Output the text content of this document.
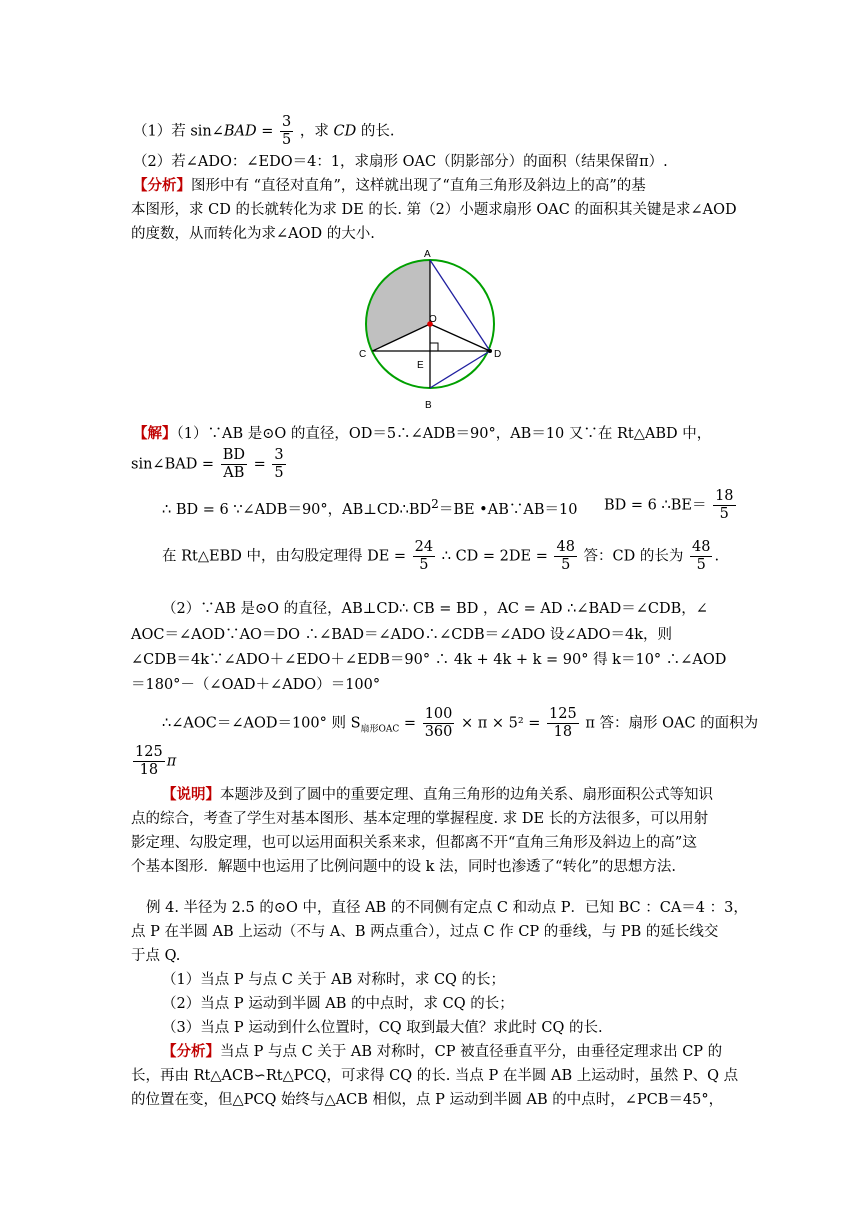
（1）若 sin∠BAD = $\frac{3}{5}$ ，求 CD 的长.
（2）若∠ADO：∠EDO＝4：1，求扇形 OAC（阴影部分）的面积（结果保留π）.
【分析】图形中有 “直径对直角”，这样就出现了“直角三角形及斜边上的高”的基
本图形，求 CD 的长就转化为求 DE 的长. 第（2）小题求扇形 OAC 的面积其关键是求∠AOD
的度数，从而转化为求∠AOD 的大小.
A
O
C	D
E
B
【解】（1）∵AB 是⊙O 的直径，OD＝5∴∠ADB＝90°，AB＝10 又∵在 Rt△ABD 中，
sin∠BAD = $\frac{BD}{AB} = \frac{3}{5}$
∴ BD = 6 ∵∠ADB＝90°，$AB\perp CD\therefore BD^2=BE$ •AB∵AB＝10 BD = 6 ∴BE＝ $\frac{18}{5}$
在 Rt△EBD 中，由勾股定理得 DE = $\frac{24}{5}$ ∴ CD = $2DE = \frac{48}{5}$ 答：CD 的长为 $\frac{48}{5}$ .
（2）∵AB 是⊙O 的直径，AB⊥CD∴ CB = BD ，AC = AD ∴∠BAD＝∠CDB，∠
AOC＝∠AOD∵AO＝DO ∴∠BAD＝∠ADO∴∠CDB＝∠ADO 设∠ADO＝4k，则
∠CDB＝4k∵∠ADO＋∠EDO＋∠EDB＝90° ∴ 4k + 4k + k = 90° 得 k＝10° ∴∠AOD
＝180°－（∠OAD＋∠ADO）＝100°
∴∠AOC＝∠AOD＝100° 则 $S_{扇形OAC} = \frac{100}{360} \times \pi \times 5^2 = \frac{125}{18}$ π 答：扇形 OAC 的面积为
$\frac{125}{18}$ π
【说明】本题涉及到了圆中的重要定理、直角三角形的边角关系、扇形面积公式等知识
点的综合，考查了学生对基本图形、基本定理的掌握程度. 求 DE 长的方法很多，可以用射
影定理、勾股定理，也可以运用面积关系来求，但都离不开“直角三角形及斜边上的高”这
个基本图形．解题中也运用了比例问题中的设 k 法，同时也渗透了“转化”的思想方法.
例 4. 半径为 2.5 的⊙O 中，直径 AB 的不同侧有定点 C 和动点 P．已知 BC ：CA＝4 ：3，
点 P 在半圆 AB 上运动（不与 A、B 两点重合），过点 C 作 CP 的垂线，与 PB 的延长线交
于点 Q.
（1）当点 P 与点 C 关于 AB 对称时，求 CQ 的长；
（2）当点 P 运动到半圆 AB 的中点时，求 CQ 的长；
（3）当点 P 运动到什么位置时，CQ 取到最大值？求此时 CQ 的长.
【分析】当点 P 与点 C 关于 AB 对称时，CP 被直径垂直平分，由垂径定理求出 CP 的
长，再由 Rt△ACB∽Rt△PCQ，可求得 CQ 的长. 当点 P 在半圆 AB 上运动时，虽然 P、Q 点
的位置在变，但△PCQ 始终与△ACB 相似，点 P 运动到半圆 AB 的中点时，∠PCB＝45°，
